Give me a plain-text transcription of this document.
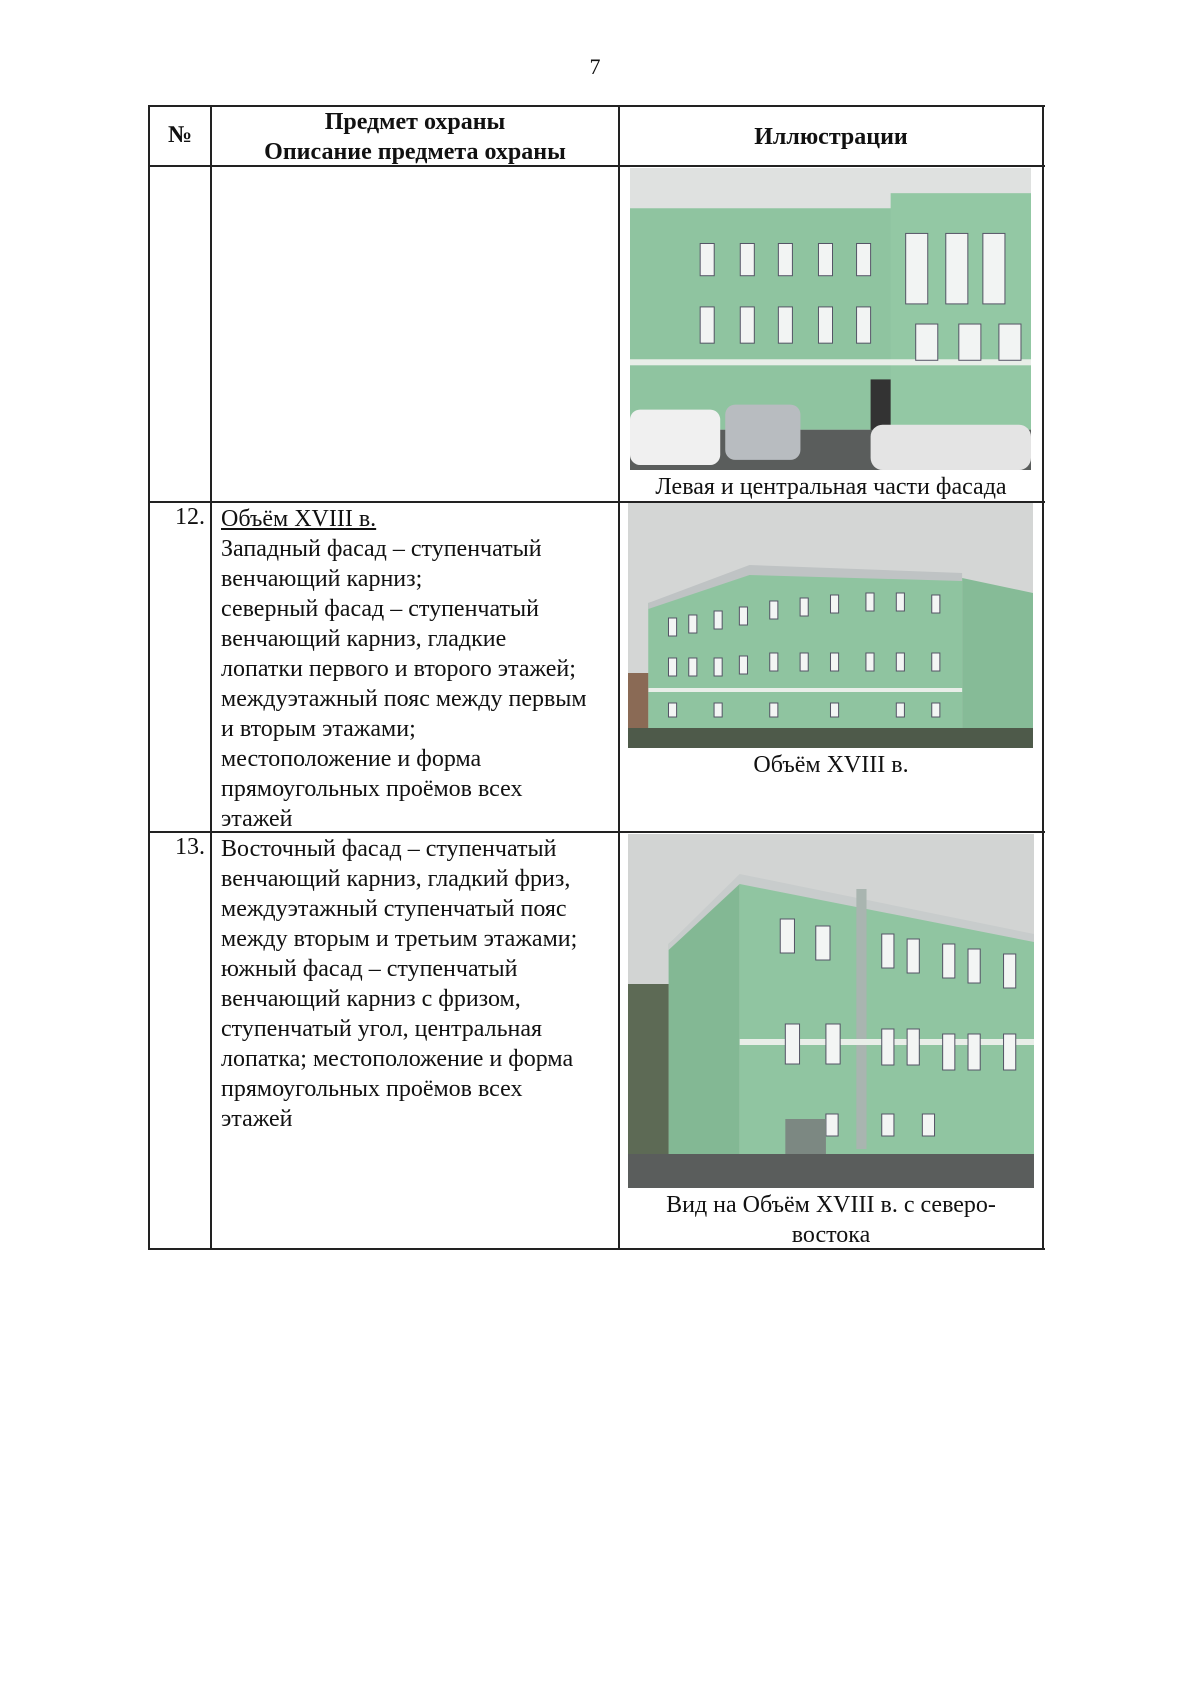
7
№	Предмет охраны
Описание предмета охраны
Иллюстрации
Левая и центральная части фасада
12. Объём XVIII в.
Западный фасад – ступенчатый
венчающий карниз;
северный фасад – ступенчатый
венчающий карниз, гладкие
лопатки первого и второго этажей;
междуэтажный пояс между первым
и вторым этажами;
местоположение и форма
прямоугольных проёмов всех
этажей
Объём XVIII в.
13. Восточный фасад – ступенчатый
венчающий карниз, гладкий фриз,
междуэтажный ступенчатый пояс
между вторым и третьим этажами;
южный фасад – ступенчатый
венчающий карниз с фризом,
ступенчатый угол, центральная
лопатка; местоположение и форма
прямоугольных проёмов всех
этажей
Вид на Объём XVIII в. с северо-
востока
